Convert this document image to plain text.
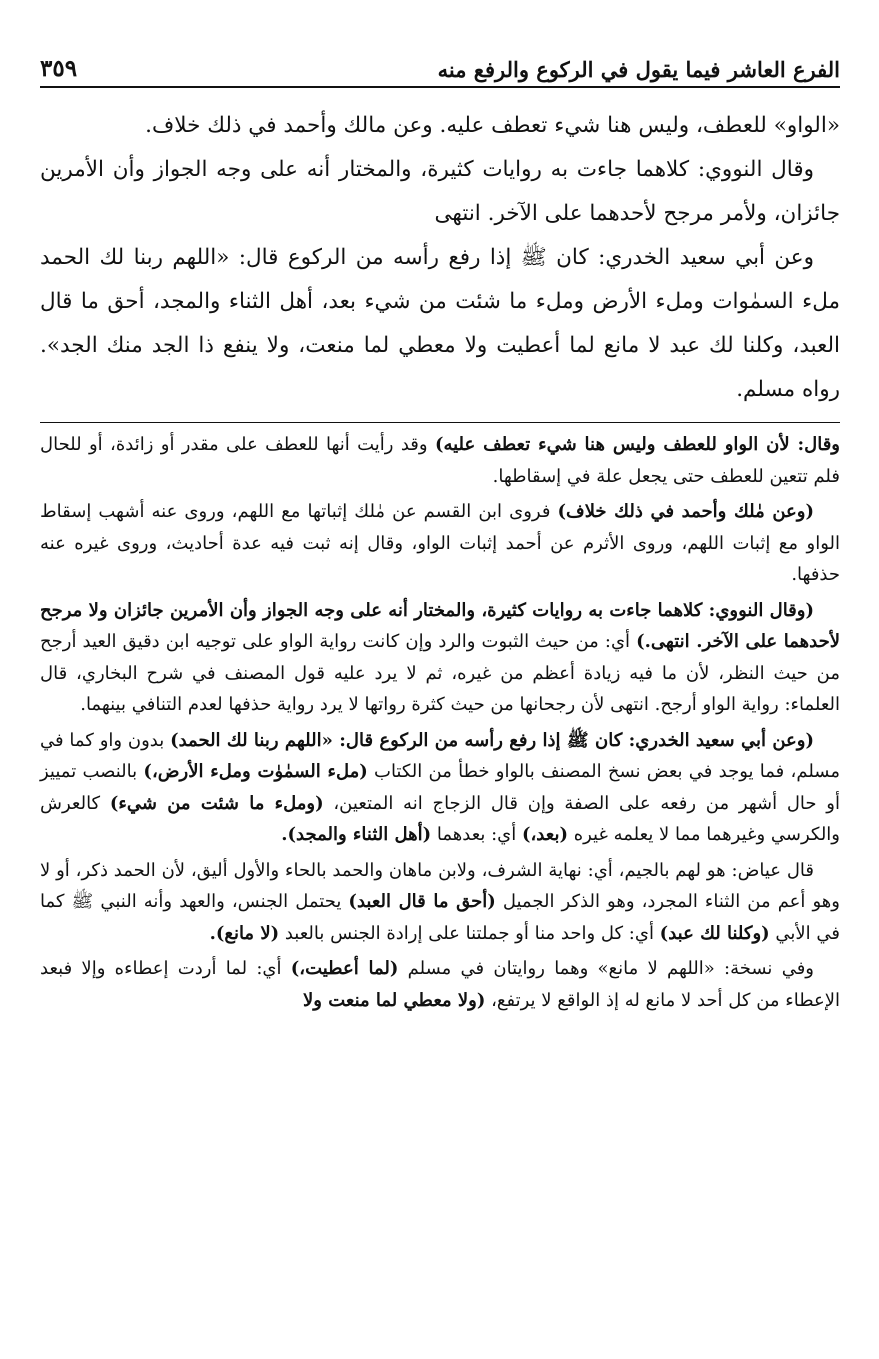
الفرع العاشر فيما يقول في الركوع والرفع منه
٣٥٩

«الواو» للعطف، وليس هنا شيء تعطف عليه. وعن مالك وأحمد في ذلك خلاف.

وقال النووي: كلاهما جاءت به روايات كثيرة، والمختار أنه على وجه الجواز وأن الأمرين جائزان، ولأمر مرجح لأحدهما على الآخر. انتهى

وعن أبي سعيد الخدري: كان ﷺ إذا رفع رأسه من الركوع قال: «اللهم ربنا لك الحمد ملء السمٰوات وملء الأرض وملء ما شئت من شيء بعد، أهل الثناء والمجد، أحق ما قال العبد، وكلنا لك عبد لا مانع لما أعطيت ولا معطي لما منعت، ولا ينفع ذا الجد منك الجد». رواه مسلم.

وقال: لأن الواو للعطف وليس هنا شيء تعطف عليه) وقد رأيت أنها للعطف على مقدر أو زائدة، أو للحال فلم تتعين للعطف حتى يجعل علة في إسقاطها.

(وعن مٰلك وأحمد في ذلك خلاف) فروى ابن القسم عن مٰلك إثباتها مع اللهم، وروى عنه أشهب إسقاط الواو مع إثبات اللهم، وروى الأثرم عن أحمد إثبات الواو، وقال إنه ثبت فيه عدة أحاديث، وروى غيره عنه حذفها.

(وقال النووي: كلاهما جاءت به روايات كثيرة، والمختار أنه على وجه الجواز وأن الأمرين جائزان ولا مرجح لأحدهما على الآخر. انتهى.) أي: من حيث الثبوت والرد وإن كانت رواية الواو على توجيه ابن دقيق العيد أرجح من حيث النظر، لأن ما فيه زيادة أعظم من غيره، ثم لا يرد عليه قول المصنف في شرح البخاري، قال العلماء: رواية الواو أرجح. انتهى لأن رجحانها من حيث كثرة رواتها لا يرد رواية حذفها لعدم التنافي بينهما.

(وعن أبي سعيد الخدري: كان ﷺ إذا رفع رأسه من الركوع قال: «اللهم ربنا لك الحمد) بدون واو كما في مسلم، فما يوجد في بعض نسخ المصنف بالواو خطأ من الكتاب (ملء السمٰوٰت وملء الأرض،) بالنصب تمييز أو حال أشهر من رفعه على الصفة وإن قال الزجاج انه المتعين، (وملء ما شئت من شيء) كالعرش والكرسي وغيرهما مما لا يعلمه غيره (بعد،) أي: بعدهما (أهل الثناء والمجد).

قال عياض: هو لهم بالجيم، أي: نهاية الشرف، ولابن ماهان والحمد بالحاء والأول أليق، لأن الحمد ذكر، أو لا وهو أعم من الثناء المجرد، وهو الذكر الجميل (أحق ما قال العبد) يحتمل الجنس، والعهد وأنه النبي ﷺ كما في الأبي (وكلنا لك عبد) أي: كل واحد منا أو جملتنا على إرادة الجنس بالعبد (لا مانع).

وفي نسخة: «اللهم لا مانع» وهما روايتان في مسلم (لما أعطيت،) أي: لما أردت إعطاءه وإلا فبعد الإعطاء من كل أحد لا مانع له إذ الواقع لا يرتفع، (ولا معطي لما منعت ولا
